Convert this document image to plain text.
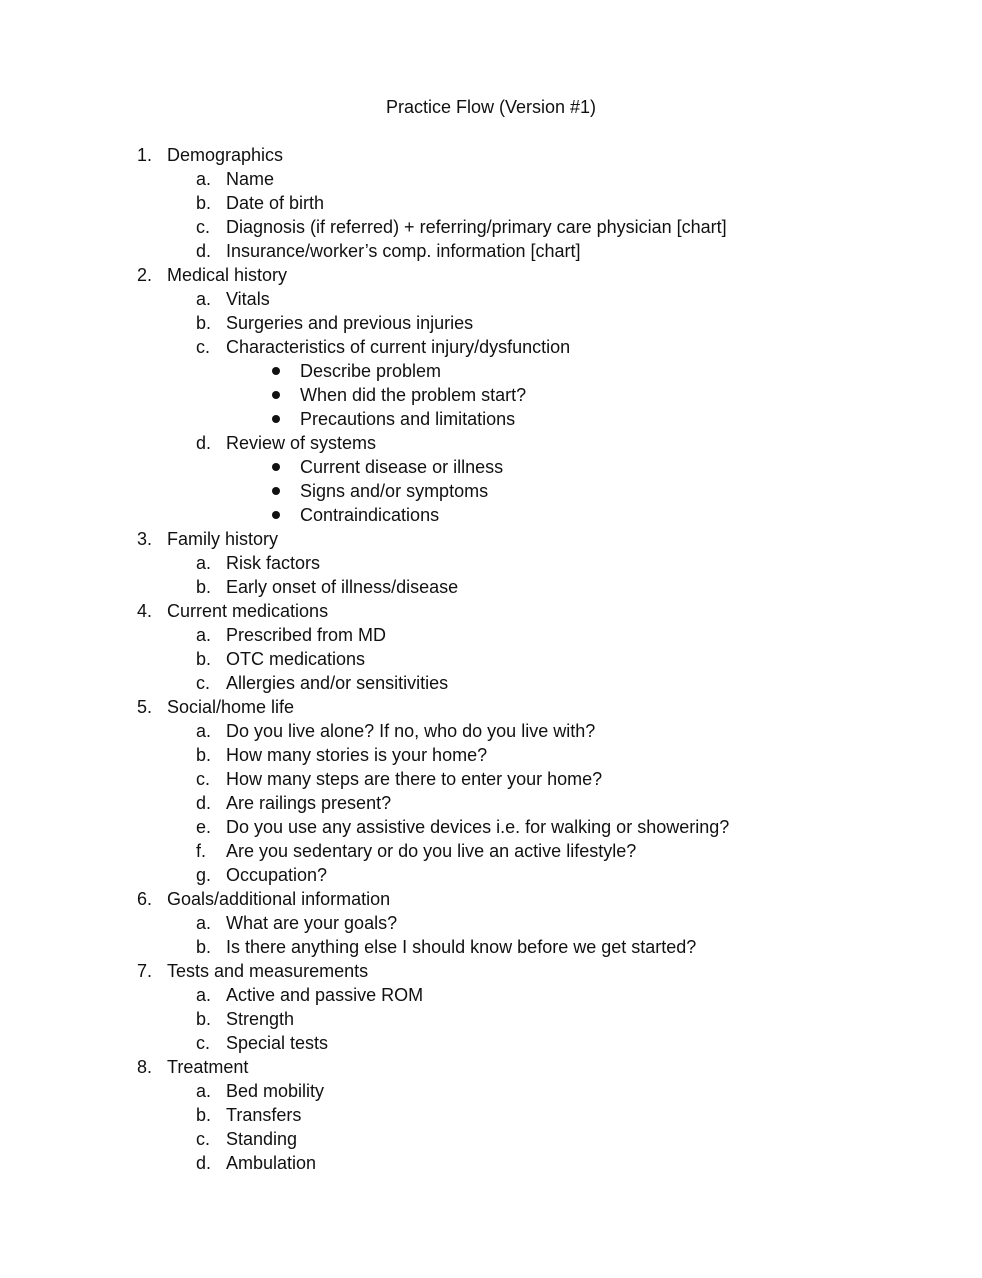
Practice Flow (Version #1)
1. Demographics
a. Name
b. Date of birth
c. Diagnosis (if referred) + referring/primary care physician [chart]
d. Insurance/worker’s comp. information [chart]
2. Medical history
a. Vitals
b. Surgeries and previous injuries
c. Characteristics of current injury/dysfunction
Describe problem
When did the problem start?
Precautions and limitations
d. Review of systems
Current disease or illness
Signs and/or symptoms
Contraindications
3. Family history
a. Risk factors
b. Early onset of illness/disease
4. Current medications
a. Prescribed from MD
b. OTC medications
c. Allergies and/or sensitivities
5. Social/home life
a. Do you live alone? If no, who do you live with?
b. How many stories is your home?
c. How many steps are there to enter your home?
d. Are railings present?
e. Do you use any assistive devices i.e. for walking or showering?
f. Are you sedentary or do you live an active lifestyle?
g. Occupation?
6. Goals/additional information
a. What are your goals?
b. Is there anything else I should know before we get started?
7. Tests and measurements
a. Active and passive ROM
b. Strength
c. Special tests
8. Treatment
a. Bed mobility
b. Transfers
c. Standing
d. Ambulation
